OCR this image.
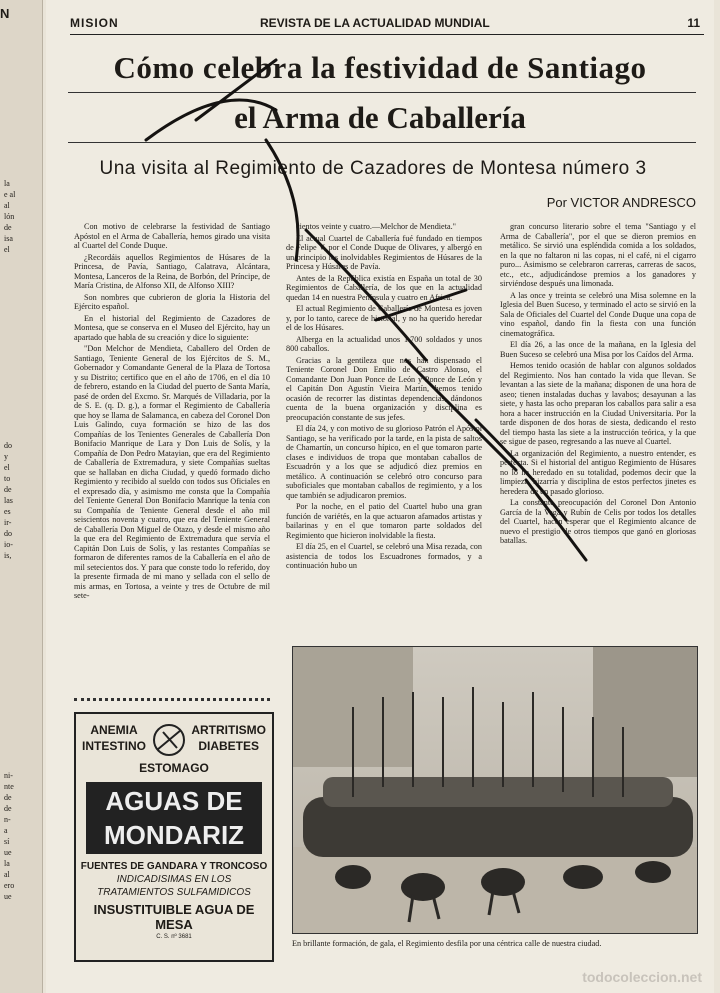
N
la
e al
al
lón
de
isa
el
do
y
el
to
de
las
es
ir-
do
io-
is,
ni-
nte
de
de
n-
a
sí
ue
la
al
ero
ue
MISION	REVISTA DE LA ACTUALIDAD MUNDIAL	11
Cómo celebra la festividad de Santiago
el Arma de Caballería
Una visita al Regimiento de Cazadores de Montesa número 3
Por VICTOR ANDRESCO

Con motivo de celebrarse la festividad de Santiago Apóstol en el Arma de Caballería, hemos girado una visita al Cuartel del Conde Duque.

¿Recordáis aquellos Regimientos de Húsares de la Princesa, de Pavía, Santiago, Calatrava, Alcántara, Montesa, Lanceros de la Reina, de Borbón, del Príncipe, de María Cristina, de Alfonso XII, de Alfonso XIII?

Son nombres que cubrieron de gloria la Historia del Ejército español.

En el historial del Regimiento de Cazadores de Montesa, que se conserva en el Museo del Ejército, hay un apartado que habla de su creación y dice lo siguiente:

"Don Melchor de Mendieta, Caballero del Orden de Santiago, Teniente General de los Ejércitos de S. M., Gobernador y Comandante General de la Plaza de Tortosa y su Distrito; certifico que en el año de 1706, en el día 10 de febrero, estando en la Ciudad del puerto de Santa María, pasé de orden del Excmo. Sr. Marqués de Villadaria, por la de S. E. (q. D. g.), a formar el Regimiento de Caballería que hoy se llama de Salamanca, en cabeza del Coronel Don Luis Galindo, cuya formación se hizo de las dos Compañías de los Tenientes Generales de Caballería Don Bonifacio Manrique de Lara y Don Luis de Solís, y la Compañía de Don Pedro Matayian, que era del Regimiento de Caballería de Extremadura, y siete Compañías sueltas que se hallaban en dicha Ciudad, y quedó formado dicho Regimiento y recibido al sueldo con todos sus Oficiales en el expresado día, y asimismo me consta que la Compañía del Teniente General Don Bonifacio Manrique la tenía con su Compañía de Teniente General desde el año mil seiscientos noventa y cuatro, que era del Teniente General de Caballería Don Miguel de Otazo, y desde el mismo año la que era del Regimiento de Extremadura que servía el Capitán Don Luis de Solís, y las restantes Compañías se formaron de diferentes ramos de la Caballería en el año de mil setecientos dos. Y para que conste todo lo referido, doy la presente firmada de mi mano y sellada con el sello de mis armas, en Tortosa, a veinte y tres de Octubre de mil sete-

cientos veinte y cuatro.—Melchor de Mendieta."

El actual Cuartel de Caballería fué fundado en tiempos de Felipe V, por el Conde Duque de Olivares, y albergó en un principio los inolvidables Regimientos de Húsares de la Princesa y Húsares de Pavía.

Antes de la República existía en España un total de 30 Regimientos de Caballería, de los que en la actualidad quedan 14 en nuestra Península y cuatro en Africa.

El actual Regimiento de Caballería de Montesa es joven y, por lo tanto, carece de historial, y no ha querido heredar el de los Húsares.

Alberga en la actualidad unos 1.700 soldados y unos 800 caballos.

Gracias a la gentileza que nos han dispensado el Teniente Coronel Don Emilio de Castro Alonso, el Comandante Don Juan Ponce de León y Ponce de León y el Capitán Don Agustín Vieira Martín, hemos tenido ocasión de recorrer las distintas dependencias, dándonos cuenta de la buena organización y disciplina es preocupación constante de sus jefes.

El día 24, y con motivo de su glorioso Patrón el Apóstol Santiago, se ha verificado por la tarde, en la pista de saltos de Chamartín, un concurso hípico, en el que tomaron parte clases e individuos de tropa que montaban caballos de Escuadrón y a los que se adjudicó diez premios en metálico. A continuación se celebró otro concurso para suboficiales que montaban caballos de regimiento, y a los que también se adjudicaron premios.

Por la noche, en el patio del Cuartel hubo una gran función de variétés, en la que actuaron afamados artistas y bailarinas y en el que tomaron parte soldados del Regimiento que hicieron inolvidable la fiesta.

El día 25, en el Cuartel, se celebró una Misa rezada, con asistencia de todos los Escuadrones formados, y a continuación hubo un

gran concurso literario sobre el tema "Santiago y el Arma de Caballería", por el que se dieron premios en metálico. Se sirvió una espléndida comida a los soldados, en la que no faltaron ni las copas, ni el café, ni el cigarro puro... Asimismo se celebraron carreras, carreras de sacos, etc., etc., adjudicándose premios a los ganadores y sirviéndose después una limonada.

A las once y treinta se celebró una Misa solemne en la Iglesia del Buen Suceso, y terminado el acto se sirvió en la Sala de Oficiales del Cuartel del Conde Duque una copa de vino español, dando fin la fiesta con una función cinematográfica.

El día 26, a las once de la mañana, en la Iglesia del Buen Suceso se celebró una Misa por los Caídos del Arma.

Hemos tenido ocasión de hablar con algunos soldados del Regimiento. Nos han contado la vida que llevan. Se levantan a las siete de la mañana; disponen de una hora de aseo; tienen instaladas duchas y lavabos; desayunan a las siete, y hasta las ocho preparan los caballos para salir a esa hora a hacer instrucción en la Ciudad Universitaria. Por la tarde disponen de dos horas de siesta, dedicando el resto del tiempo hasta las siete a la instrucción teórica, y la que se sigue de paseo, regresando a las nueve al Cuartel.

La organización del Regimiento, a nuestro entender, es perfecta. Si el historial del antiguo Regimiento de Húsares no lo ha heredado en su totalidad, podemos decir que la limpieza, bizarría y disciplina de estos perfectos jinetes es heredera de un pasado glorioso.

La constante preocupación del Coronel Don Antonio García de la Vega y Rubín de Celis por todos los detalles del Cuartel, hacen esperar que el Regimiento alcance de nuevo el prestigio de otros tiempos que ganó en gloriosas batallas.

ANEMIA
INTESTINO
ARTRITISMO
DIABETES
ESTOMAGO
AGUAS DE
MONDARIZ
FUENTES DE GANDARA Y TRONCOSO
INDICADISIMAS EN LOS
TRATAMIENTOS SULFAMIDICOS
INSUSTITUIBLE AGUA DE MESA
C. S. nº 3681
En brillante formación, de gala, el Regimiento desfila por una céntrica calle de nuestra ciudad.
todocoleccion.net
